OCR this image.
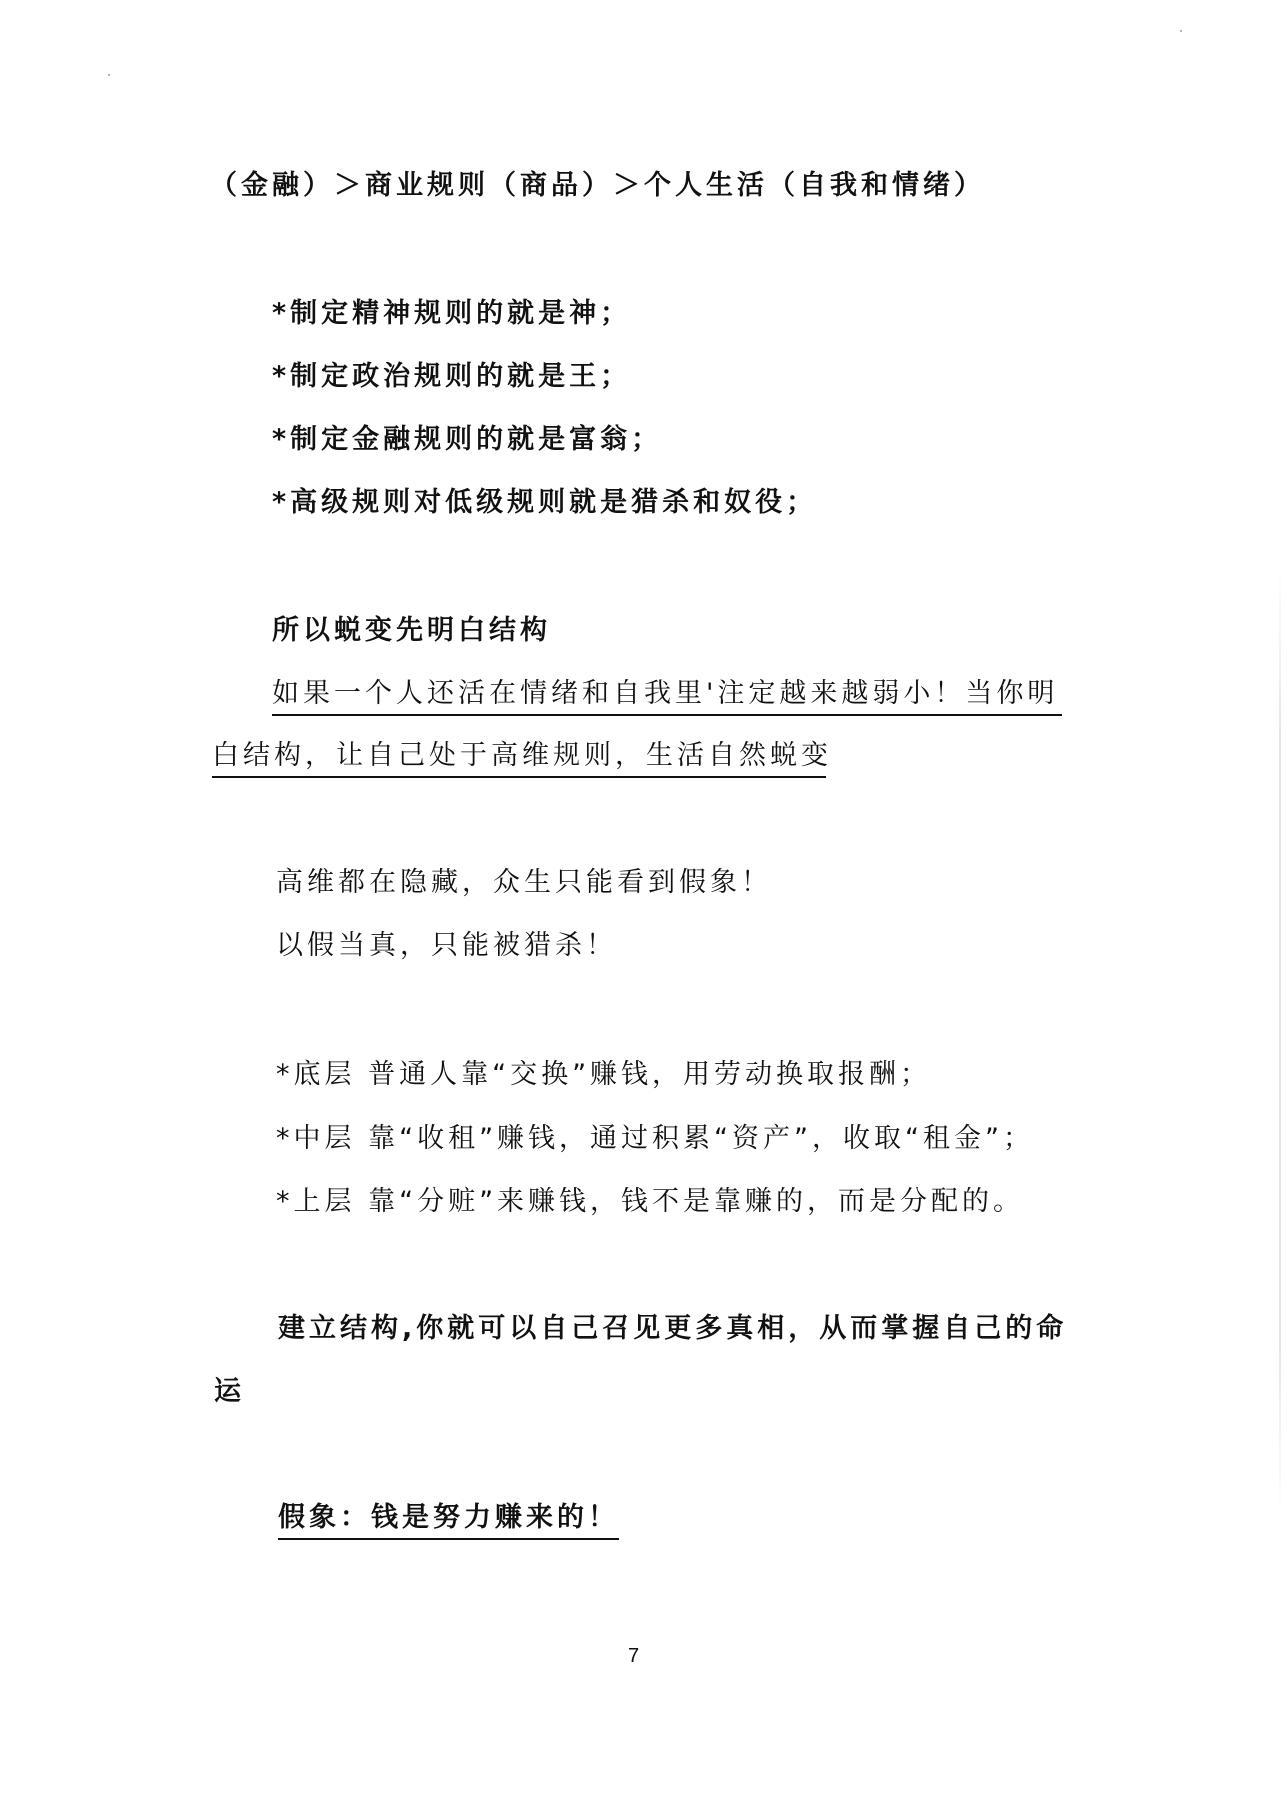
（金融）＞商业规则（商品）＞个人生活（自我和情绪）
*制定精神规则的就是神；
*制定政治规则的就是王；
*制定金融规则的就是富翁；
*高级规则对低级规则就是猎杀和奴役；
所以蜕变先明白结构
如果一个人还活在情绪和自我里'注定越来越弱小！当你明
白结构，让自己处于高维规则，生活自然蜕变
高维都在隐藏，众生只能看到假象！
以假当真，只能被猎杀！
*底层 普通人靠“交换”赚钱，用劳动换取报酬；
*中层 靠“收租”赚钱，通过积累“资产”，收取“租金”；
*上层 靠“分赃”来赚钱，钱不是靠赚的，而是分配的。
建立结构,你就可以自己召见更多真相，从而掌握自己的命
运
假象：钱是努力赚来的！
7
